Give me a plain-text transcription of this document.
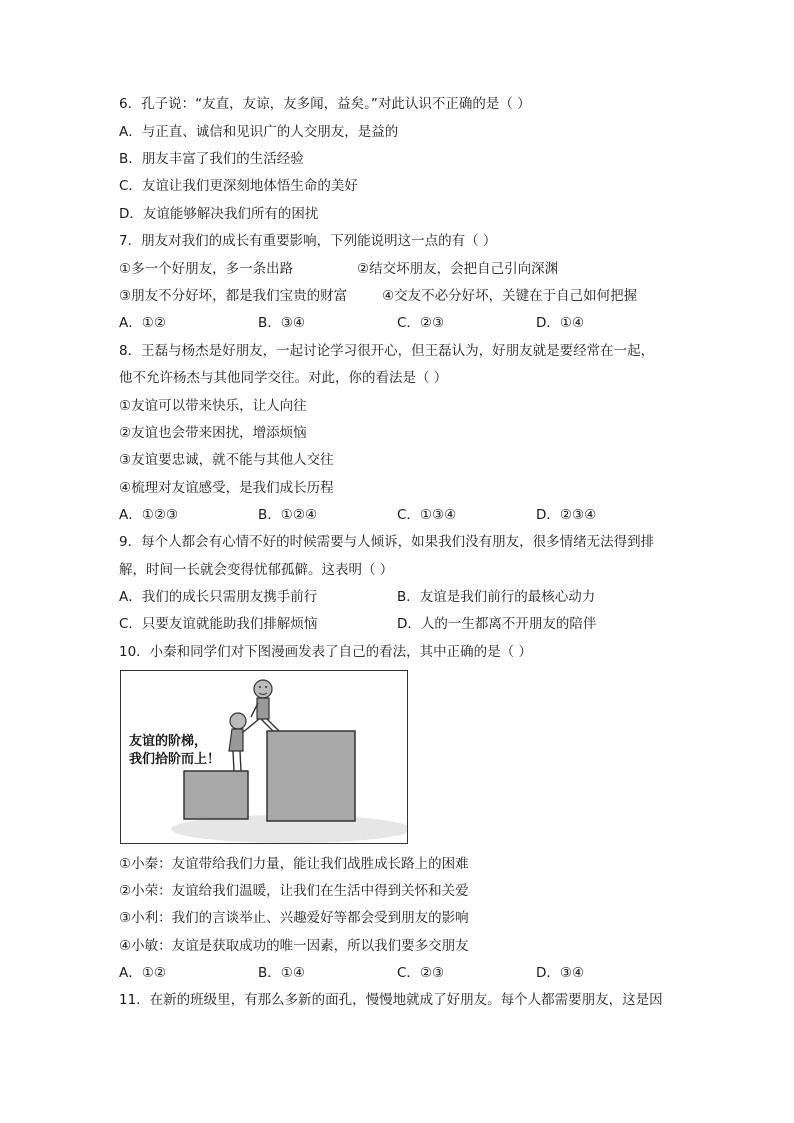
6．孔子说：“友直，友谅，友多闻，益矣。”对此认识不正确的是（ ）
A．与正直、诚信和见识广的人交朋友，是益的
B．朋友丰富了我们的生活经验
C．友谊让我们更深刻地体悟生命的美好
D．友谊能够解决我们所有的困扰
7．朋友对我们的成长有重要影响，下列能说明这一点的有（ ）
①多一个好朋友，多一条出路	②结交坏朋友，会把自己引向深渊
③朋友不分好坏，都是我们宝贵的财富	④交友不必分好坏，关键在于自己如何把握
A．①②	B．③④	C．②③	D．①④
8．王磊与杨杰是好朋友，一起讨论学习很开心，但王磊认为，好朋友就是要经常在一起，
他不允许杨杰与其他同学交往。对此，你的看法是（ ）
①友谊可以带来快乐，让人向往
②友谊也会带来困扰，增添烦恼
③友谊要忠诚，就不能与其他人交往
④梳理对友谊感受，是我们成长历程
A．①②③	B．①②④	C．①③④	D．②③④
9．每个人都会有心情不好的时候需要与人倾诉，如果我们没有朋友，很多情绪无法得到排
解，时间一长就会变得忧郁孤僻。这表明（ ）
A．我们的成长只需朋友携手前行	B．友谊是我们前行的最核心动力
C．只要友谊就能助我们排解烦恼	D．人的一生都离不开朋友的陪伴
10．小秦和同学们对下图漫画发表了自己的看法，其中正确的是（ ）
友谊的阶梯，
我们拾阶而上！
①小秦：友谊带给我们力量，能让我们战胜成长路上的困难
②小荣：友谊给我们温暖，让我们在生活中得到关怀和关爱
③小利：我们的言谈举止、兴趣爱好等都会受到朋友的影响
④小敏：友谊是获取成功的唯一因素，所以我们要多交朋友
A．①②	B．①④	C．②③	D．③④
11．在新的班级里，有那么多新的面孔，慢慢地就成了好朋友。每个人都需要朋友，这是因
